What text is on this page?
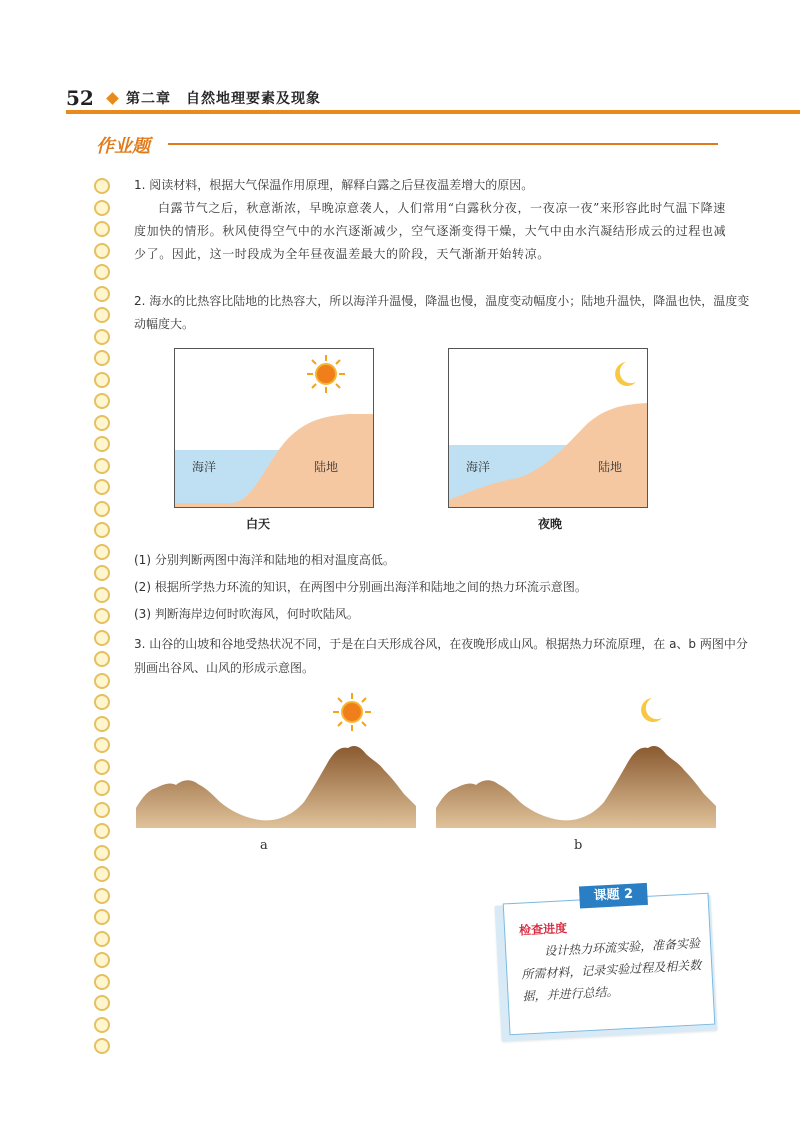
52 第二章　自然地理要素及现象
作业题
1. 阅读材料，根据大气保温作用原理，解释白露之后昼夜温差增大的原因。
白露节气之后，秋意渐浓，早晚凉意袭人，人们常用“白露秋分夜，一夜凉一夜”来形容此时气温下降速度加快的情形。秋风使得空气中的水汽逐渐减少，空气逐渐变得干燥，大气中由水汽凝结形成云的过程也减少了。因此，这一时段成为全年昼夜温差最大的阶段，天气渐渐开始转凉。
2. 海水的比热容比陆地的比热容大，所以海洋升温慢，降温也慢，温度变动幅度小；陆地升温快，降温也快，温度变动幅度大。
海洋	陆地
白天
海洋	陆地
夜晚
(1) 分别判断两图中海洋和陆地的相对温度高低。
(2) 根据所学热力环流的知识，在两图中分别画出海洋和陆地之间的热力环流示意图。
(3) 判断海岸边何时吹海风，何时吹陆风。
3. 山谷的山坡和谷地受热状况不同，于是在白天形成谷风，在夜晚形成山风。根据热力环流原理，在 a、b 两图中分别画出谷风、山风的形成示意图。
a	b
课题 2
检查进度
设计热力环流实验，准备实验所需材料，记录实验过程及相关数据，并进行总结。
